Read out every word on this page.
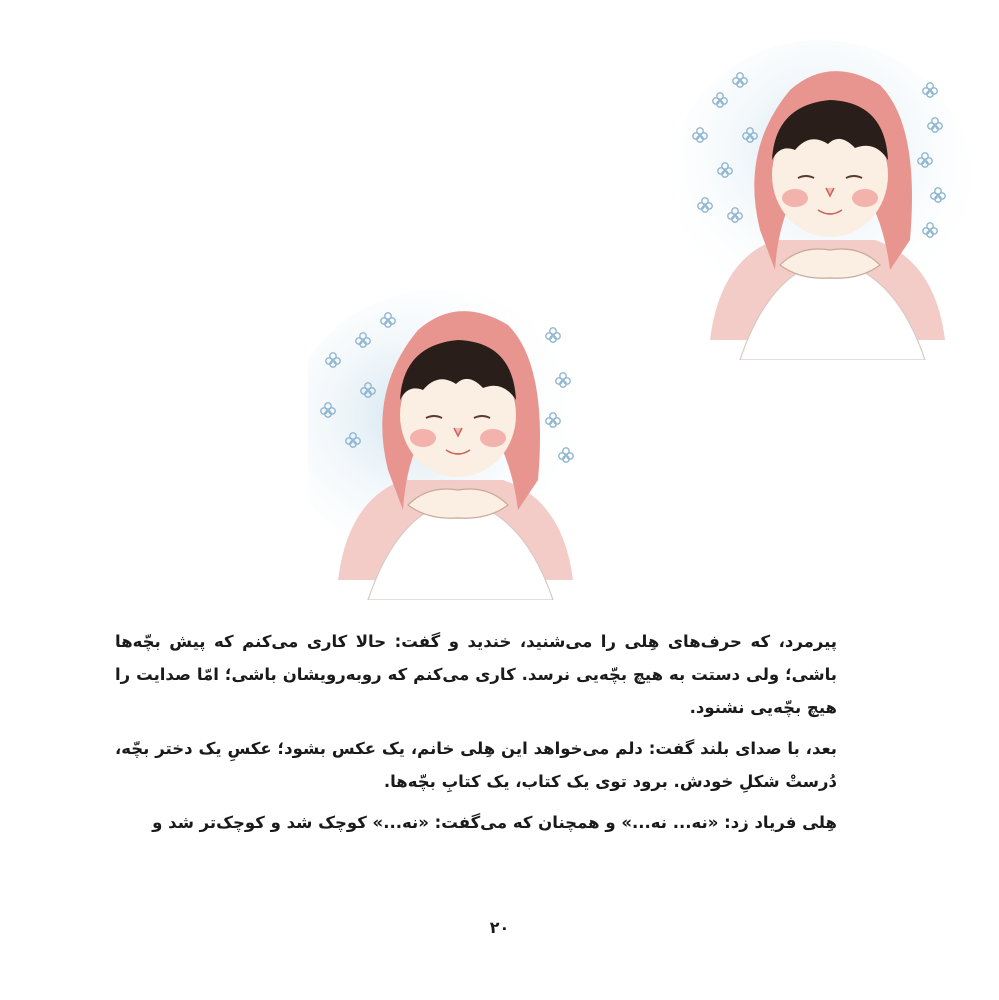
پیرمرد، که حرف‌های هِلی را می‌شنید، خندید و گفت: حالا کاری می‌کنم که پیش بچّه‌ها باشی؛ ولی دستت به هیچ بچّه‌یی نرسد. کاری می‌کنم که روبه‌رویشان باشی؛ امّا صدایت را هیچ بچّه‌یی نشنود.

بعد، با صدای بلند گفت: دلم می‌خواهد این هِلی خانم، یک عکس بشود؛ عکسِ یک دختر بچّه، دُرستْ شکلِ خودش. برود توی یک کتاب، یک کتابِ بچّه‌ها.

هِلی فریاد زد: «نه... نه...» و همچنان که می‌گفت: «نه...» کوچک شد و کوچک‌تر شد و

۲۰
